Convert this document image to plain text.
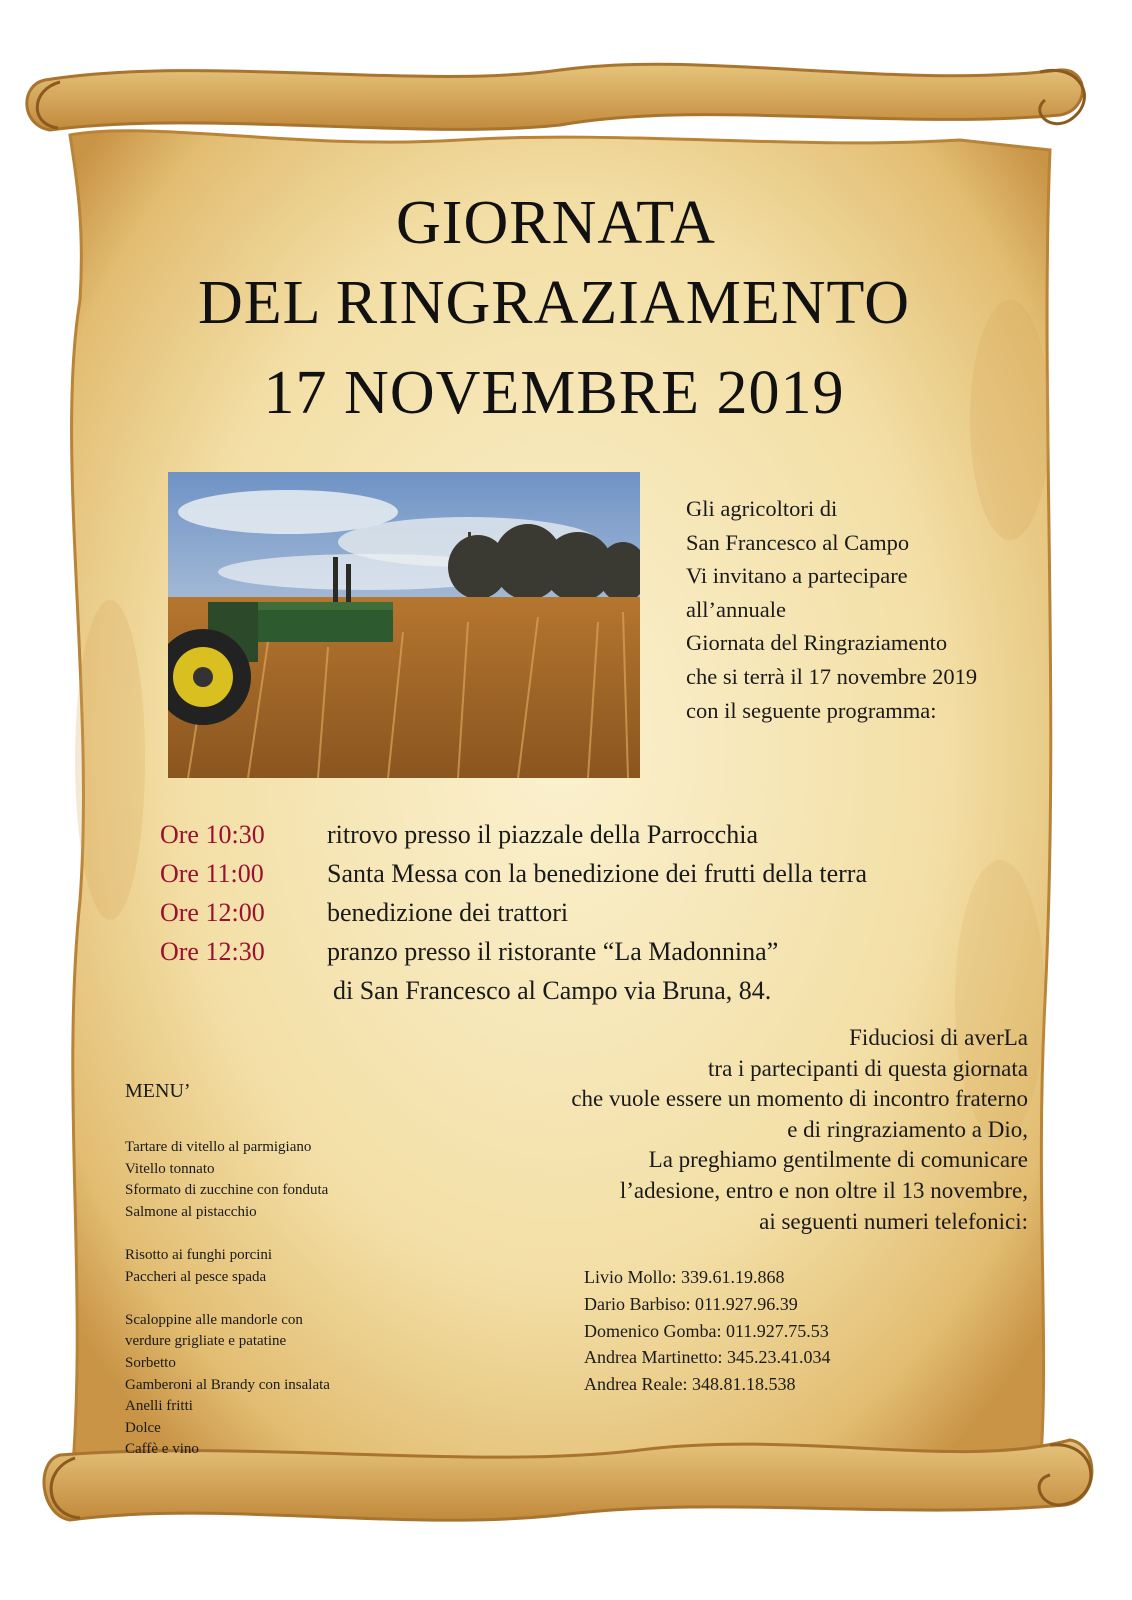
GIORNATA
DEL RINGRAZIAMENTO
17 NOVEMBRE 2019
Gli agricoltori di
San Francesco al Campo
Vi invitano a partecipare
all’annuale
Giornata del Ringraziamento
che si terrà il 17 novembre 2019
con il seguente programma:
Ore 10:30	ritrovo presso il piazzale della Parrocchia
Ore 11:00	Santa Messa con la benedizione dei frutti della terra
Ore 12:00	benedizione dei trattori
Ore 12:30	pranzo presso il ristorante “La Madonnina”
di San Francesco al Campo via Bruna, 84.
Fiduciosi di averLa
tra i partecipanti di questa giornata
che vuole essere un momento di incontro fraterno
e di ringraziamento a Dio,
La preghiamo gentilmente di comunicare
l’adesione, entro e non oltre il 13 novembre,
ai seguenti numeri telefonici:
Livio Mollo: 339.61.19.868
Dario Barbiso: 011.927.96.39
Domenico Gomba: 011.927.75.53
Andrea Martinetto: 345.23.41.034
Andrea Reale: 348.81.18.538
MENU’
Tartare di vitello al parmigiano
Vitello tonnato
Sformato di zucchine con fonduta
Salmone al pistacchio
Risotto ai funghi porcini
Paccheri al pesce spada
Scaloppine alle mandorle con
verdure grigliate e patatine
Sorbetto
Gamberoni al Brandy con insalata
Anelli fritti
Dolce
Caffè e vino
